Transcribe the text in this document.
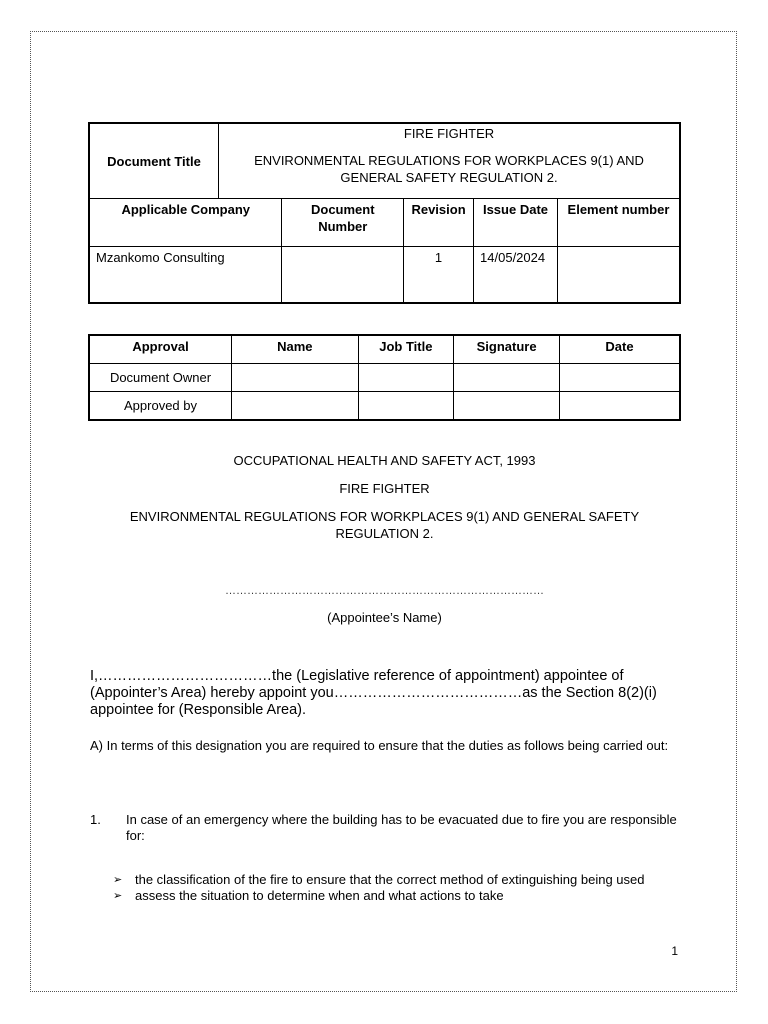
Document Title	FIRE FIGHTER
ENVIRONMENTAL REGULATIONS FOR WORKPLACES 9(1) AND GENERAL SAFETY REGULATION 2.				

Applicable Company		Document Number	Revision	Issue Date	Element number
Mzankomo Consulting			1	14/05/2024	
Approval	Name	Job Title	Signature	Date
Document Owner				
Approved by				
OCCUPATIONAL HEALTH AND SAFETY ACT, 1993
FIRE FIGHTER
ENVIRONMENTAL REGULATIONS FOR WORKPLACES 9(1) AND GENERAL SAFETY REGULATION 2.
……………………………………………………………………………
(Appointee’s Name)
I,………………………………the (Legislative reference of appointment) appointee of (Appointer’s Area) hereby appoint you…………………………………as the Section 8(2)(i) appointee for (Responsible Area).
A) In terms of this designation you are required to ensure that the duties as follows being carried out:
1. In case of an emergency where the building has to be evacuated due to fire you are responsible for:
➢ the classification of the fire to ensure that the correct method of extinguishing being used
➢ assess the situation to determine when and what actions to take
1
